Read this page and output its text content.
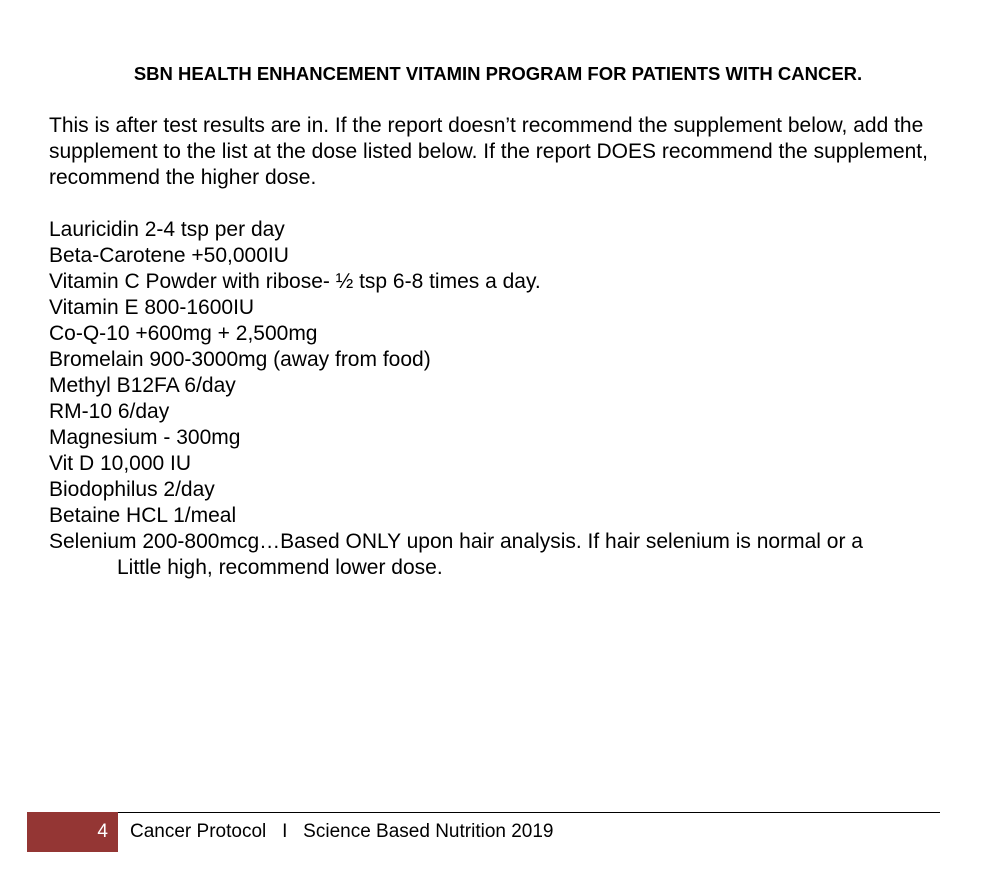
SBN HEALTH ENHANCEMENT VITAMIN PROGRAM FOR PATIENTS WITH CANCER.

This is after test results are in. If the report doesn’t recommend the supplement below, add the supplement to the list at the dose listed below. If the report DOES recommend the supplement, recommend the higher dose.

Lauricidin 2-4 tsp per day
Beta-Carotene +50,000IU
Vitamin C Powder with ribose- ½ tsp 6-8 times a day.
Vitamin E 800-1600IU
Co-Q-10 +600mg + 2,500mg
Bromelain 900-3000mg (away from food)
Methyl B12FA 6/day
RM-10 6/day
Magnesium - 300mg
Vit D 10,000 IU
Biodophilus 2/day
Betaine HCL 1/meal
Selenium 200-800mcg…Based ONLY upon hair analysis. If hair selenium is normal or a
Little high, recommend lower dose.
4 Cancer Protocol   I   Science Based Nutrition 2019
